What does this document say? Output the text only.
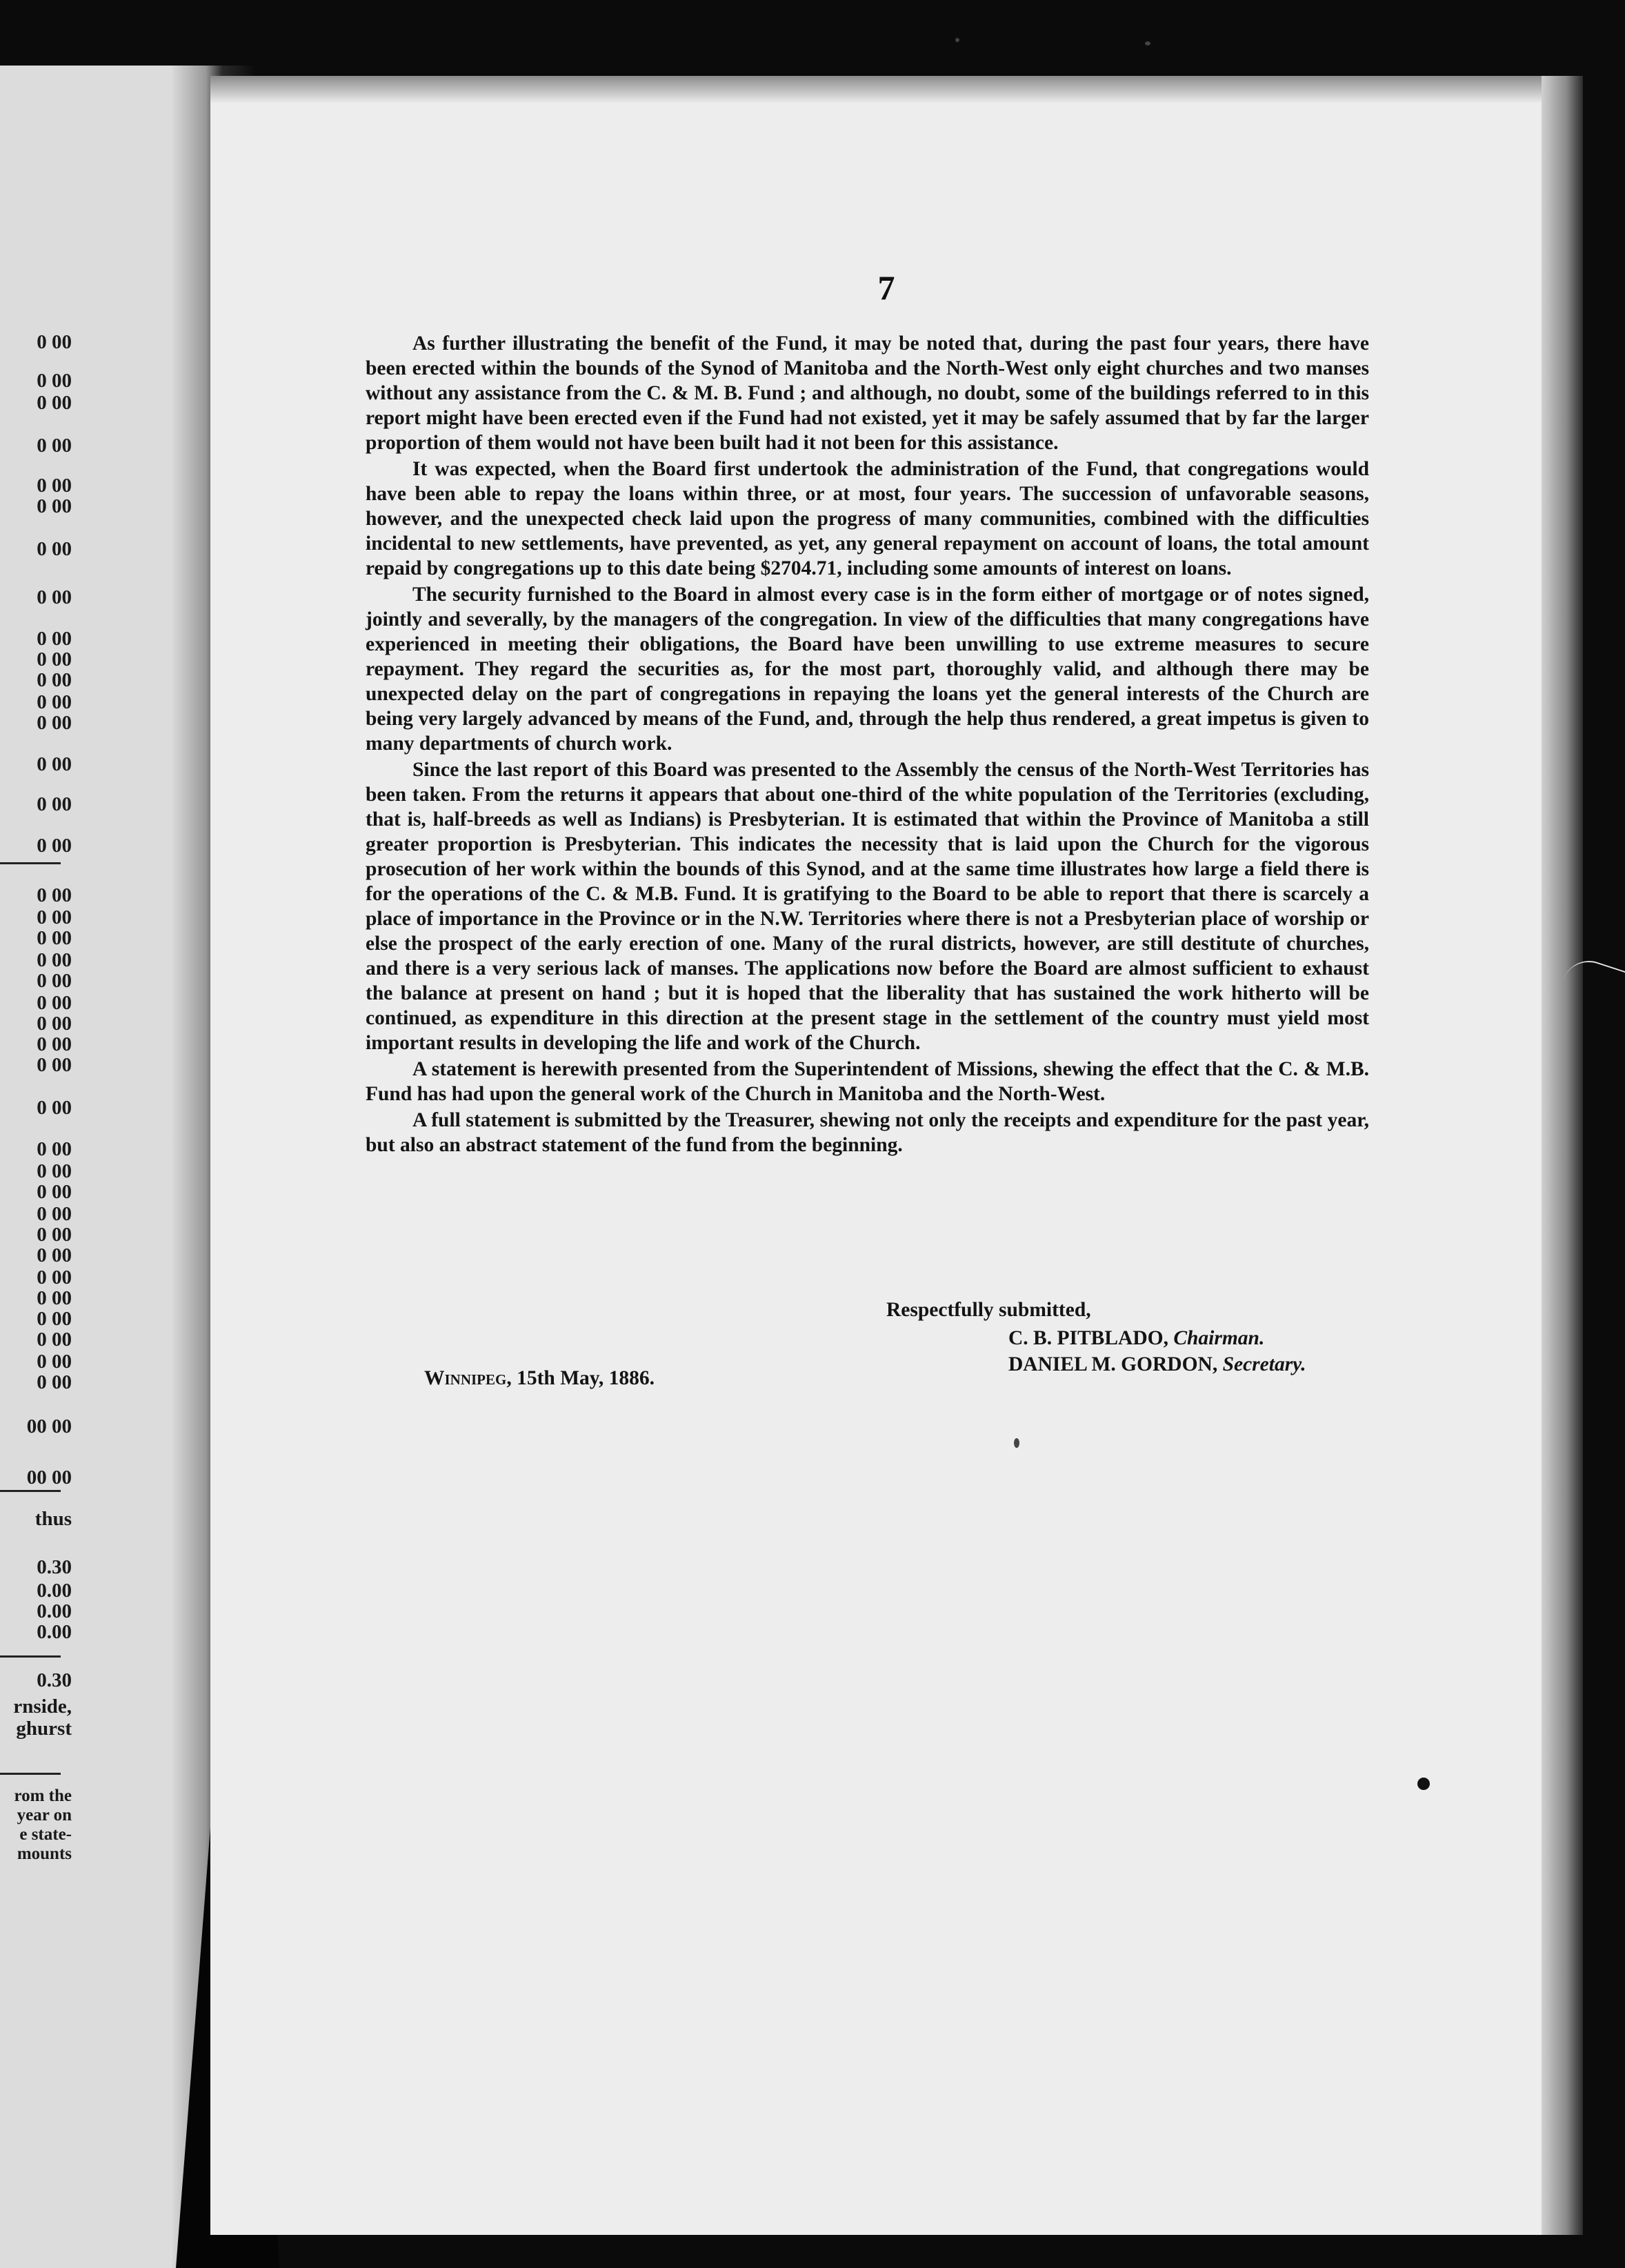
0 00
0 00
0 00
0 00
0 00
0 00
0 00
0 00
0 00
0 00
0 00
0 00
0 00
0 00
0 00
0 00
0 00
0 00
0 00
0 00
0 00
0 00
0 00
0 00
0 00
0 00
0 00
0 00
0 00
0 00
0 00
0 00
0 00
0 00
0 00
0 00
0 00
0 00
00 00
00 00
thus
0.30
0.00
0.00
0.00
0.30
rnside,
ghurst
rom the
year on
e state-
mounts
7

As further illustrating the benefit of the Fund, it may be noted that, during the past four years, there have been erected within the bounds of the Synod of Manitoba and the North-West only eight churches and two manses without any assistance from the C. & M. B. Fund ; and although, no doubt, some of the buildings referred to in this report might have been erected even if the Fund had not existed, yet it may be safely assumed that by far the larger proportion of them would not have been built had it not been for this assistance.

It was expected, when the Board first undertook the administration of the Fund, that congregations would have been able to repay the loans within three, or at most, four years. The succession of unfavorable seasons, however, and the unexpected check laid upon the progress of many communities, combined with the difficulties incidental to new settlements, have prevented, as yet, any general repayment on account of loans, the total amount repaid by congregations up to this date being $2704.71, including some amounts of interest on loans.

The security furnished to the Board in almost every case is in the form either of mortgage or of notes signed, jointly and severally, by the managers of the congregation. In view of the difficulties that many congregations have experienced in meeting their obligations, the Board have been unwilling to use extreme measures to secure repayment. They regard the securities as, for the most part, thoroughly valid, and although there may be unexpected delay on the part of congregations in repaying the loans yet the general interests of the Church are being very largely advanced by means of the Fund, and, through the help thus rendered, a great impetus is given to many departments of church work.

Since the last report of this Board was presented to the Assembly the census of the North-West Territories has been taken. From the returns it appears that about one-third of the white population of the Territories (excluding, that is, half-breeds as well as Indians) is Presbyterian. It is estimated that within the Province of Manitoba a still greater proportion is Presbyterian. This indicates the necessity that is laid upon the Church for the vigorous prosecution of her work within the bounds of this Synod, and at the same time illustrates how large a field there is for the operations of the C. & M.B. Fund. It is gratifying to the Board to be able to report that there is scarcely a place of importance in the Province or in the N.W. Territories where there is not a Presbyterian place of worship or else the prospect of the early erection of one. Many of the rural districts, however, are still destitute of churches, and there is a very serious lack of manses. The applications now before the Board are almost sufficient to exhaust the balance at present on hand ; but it is hoped that the liberality that has sustained the work hitherto will be continued, as expenditure in this direction at the present stage in the settlement of the country must yield most important results in developing the life and work of the Church.

A statement is herewith presented from the Superintendent of Missions, shewing the effect that the C. & M.B. Fund has had upon the general work of the Church in Manitoba and the North-West.

A full statement is submitted by the Treasurer, shewing not only the receipts and expenditure for the past year, but also an abstract statement of the fund from the beginning.

Respectfully submitted,
C. B. PITBLADO, Chairman.
DANIEL M. GORDON, Secretary.
Winnipeg, 15th May, 1886.
